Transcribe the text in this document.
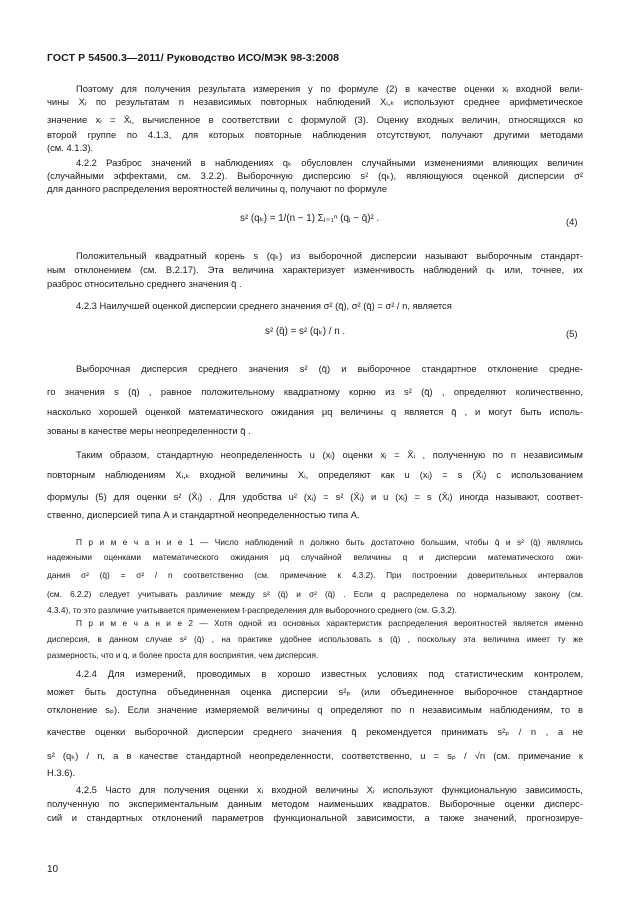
ГОСТ Р 54500.3—2011/ Руководство ИСО/МЭК 98-3:2008
Поэтому для получения результата измерения y по формуле (2) в качестве оценки xᵢ входной вели-
чины Xᵢ по результатам n независимых повторных наблюдений Xᵢ,ₖ используют среднее арифметическое
значение xᵢ = X̄ᵢ, вычисленное в соответствии с формулой (3). Оценку входных величин, относящихся ко
второй группе по 4.1.3, для которых повторные наблюдения отсутствуют, получают другими методами
(см. 4.1.3).
4.2.2 Разброс значений в наблюдениях qₖ обусловлен случайными изменениями влияющих величин
(случайными эффектами, см. 3.2.2). Выборочную дисперсию s² (qₖ), являющуюся оценкой дисперсии σ²
для данного распределения вероятностей величины q, получают по формуле
s² (qₖ) = 1/(n − 1) Σⱼ₌₁ⁿ (qⱼ − q̄)² .	(4)
Положительный квадратный корень s (qₖ) из выборочной дисперсии называют выборочным стандарт-
ным отклонением (см. B.2.17). Эта величина характеризует изменчивость наблюдений qₖ или, точнее, их
разброс относительно среднего значения q̄ .
4.2.3 Наилучшей оценкой дисперсии среднего значения σ² (q̄), σ² (q̄) = σ² / n, является
s² (q̄) = s² (qₖ) / n .	(5)
Выборочная дисперсия среднего значения s² (q̄) и выборочное стандартное отклонение средне-
го значения s (q̄) , равное положительному квадратному корню из s² (q̄) , определяют количественно,
насколько хорошей оценкой математического ожидания μq величины q является q̄ , и могут быть исполь-
зованы в качестве меры неопределенности q̄ .
Таким образом, стандартную неопределенность u (xᵢ) оценки xᵢ = X̄ᵢ , полученную по n независимым
повторным наблюдениям Xᵢ,ₖ входной величины Xᵢ, определяют как u (xᵢ) = s (X̄ᵢ) с использованием
формулы (5) для оценки s² (X̄ᵢ) . Для удобства u² (xᵢ) = s² (X̄ᵢ) и u (xᵢ) = s (X̄ᵢ) иногда называют, соответ-
ственно, дисперсией типа А и стандартной неопределенностью типа А.
П р и м е ч а н и е 1 — Число наблюдений n должно быть достаточно большим, чтобы q̄ и s² (q̄) являлись
надежными оценками математического ожидания μq случайной величины q и дисперсии математического ожи-
дания σ² (q̄) = σ² / n соответственно (см. примечание к 4.3.2). При построении доверительных интервалов
(см. 6.2.2) следует учитывать различие между s² (q̄) и σ² (q̄) . Если q распределена по нормальному закону (см.
4.3.4), то это различие учитывается применением t-распределения для выборочного среднего (см. G.3.2).
П р и м е ч а н и е 2 — Хотя одной из основных характеристик распределения вероятностей является именно
дисперсия, в данном случае s² (q̄) , на практике удобнее использовать s (q̄) , поскольку эта величина имеет ту же
размерность, что и q, и более проста для восприятия, чем дисперсия.
4.2.4 Для измерений, проводимых в хорошо известных условиях под статистическим контролем,
может быть доступна объединенная оценка дисперсии s²ₚ (или объединенное выборочное стандартное
отклонение sₚ). Если значение измеряемой величины q определяют по n независимым наблюдениям, то в
качестве оценки выборочной дисперсии среднего значения q̄ рекомендуется принимать s²ₚ / n , а не
s² (qₖ) / n, а в качестве стандартной неопределенности, соответственно, u = sₚ / √n (см. примечание к
H.3.6).
4.2.5 Часто для получения оценки xᵢ входной величины Xᵢ используют функциональную зависимость,
полученную по экспериментальным данным методом наименьших квадратов. Выборочные оценки дисперс-
сий и стандартных отклонений параметров функциональной зависимости, а также значений, прогнозируе-
10
